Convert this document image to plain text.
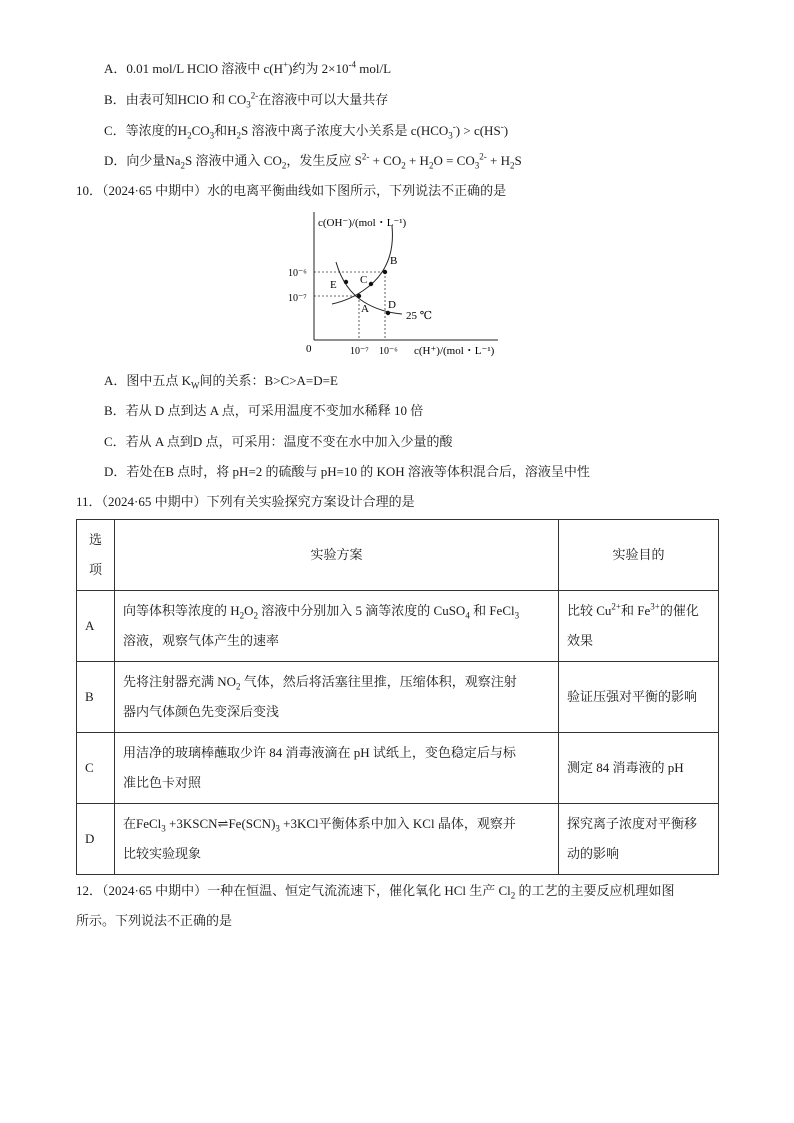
A．0.01 mol/L HClO 溶液中 c(H+)约为 $2\times 10^{-4}$ mol/L
B．由表可知HClO 和 $CO_3^{2-}$在溶液中可以大量共存
C．等浓度的$H_2CO_3$和$H_2S$ 溶液中离子浓度大小关系是 $c(HCO_3^-) > c(HS^-)$
D．向少量$Na_2S$ 溶液中通入 $CO_2$，发生反应 $S^{2-} + CO_2 + H_2O = CO_3^{2-} + H_2S$
10．（2024·65 中期中）水的电离平衡曲线如下图所示，下列说法不正确的是
c(OH⁻)/(mol・L⁻¹)
c(H⁺)/(mol・L⁻¹)
0
10⁻⁶
10⁻⁷
10⁻⁷ 10⁻⁶
B
C
A
E
D
25 ℃
A．图中五点 $K_W$间的关系：B>C>A=D=E
B．若从 D 点到达 A 点，可采用温度不变加水稀释 10 倍
C．若从 A 点到D 点，可采用：温度不变在水中加入少量的酸
D．若处在B 点时，将 pH=2 的硫酸与 pH=10 的 KOH 溶液等体积混合后，溶液呈中性
11．（2024·65 中期中）下列有关实验探究方案设计合理的是
选
项	实验方案	实验目的
A	向等体积等浓度的 $H_2O_2$ 溶液中分别加入 5 滴等浓度的 CuSO$_4$ 和 FeCl$_3$
溶液，观察气体产生的速率	比较 $Cu^{2+}$和 $Fe^{3+}$的催化
效果
B	先将注射器充满 $NO_2$ 气体，然后将活塞往里推，压缩体积，观察注射
器内气体颜色先变深后变浅	验证压强对平衡的影响
C	用洁净的玻璃棒蘸取少许 84 消毒液滴在 pH 试纸上，变色稳定后与标
准比色卡对照	测定 84 消毒液的 pH
D	在FeCl$_3$ $+3KSCN\rightleftharpoons Fe(SCN)_3 +3KCl$平衡体系中加入 KCl 晶体，观察并
比较实验现象	探究离子浓度对平衡移
动的影响
12．（2024·65 中期中）一种在恒温、恒定气流流速下，催化氧化 HCl 生产 $Cl_2$ 的工艺的主要反应机理如图
所示。下列说法不正确的是
